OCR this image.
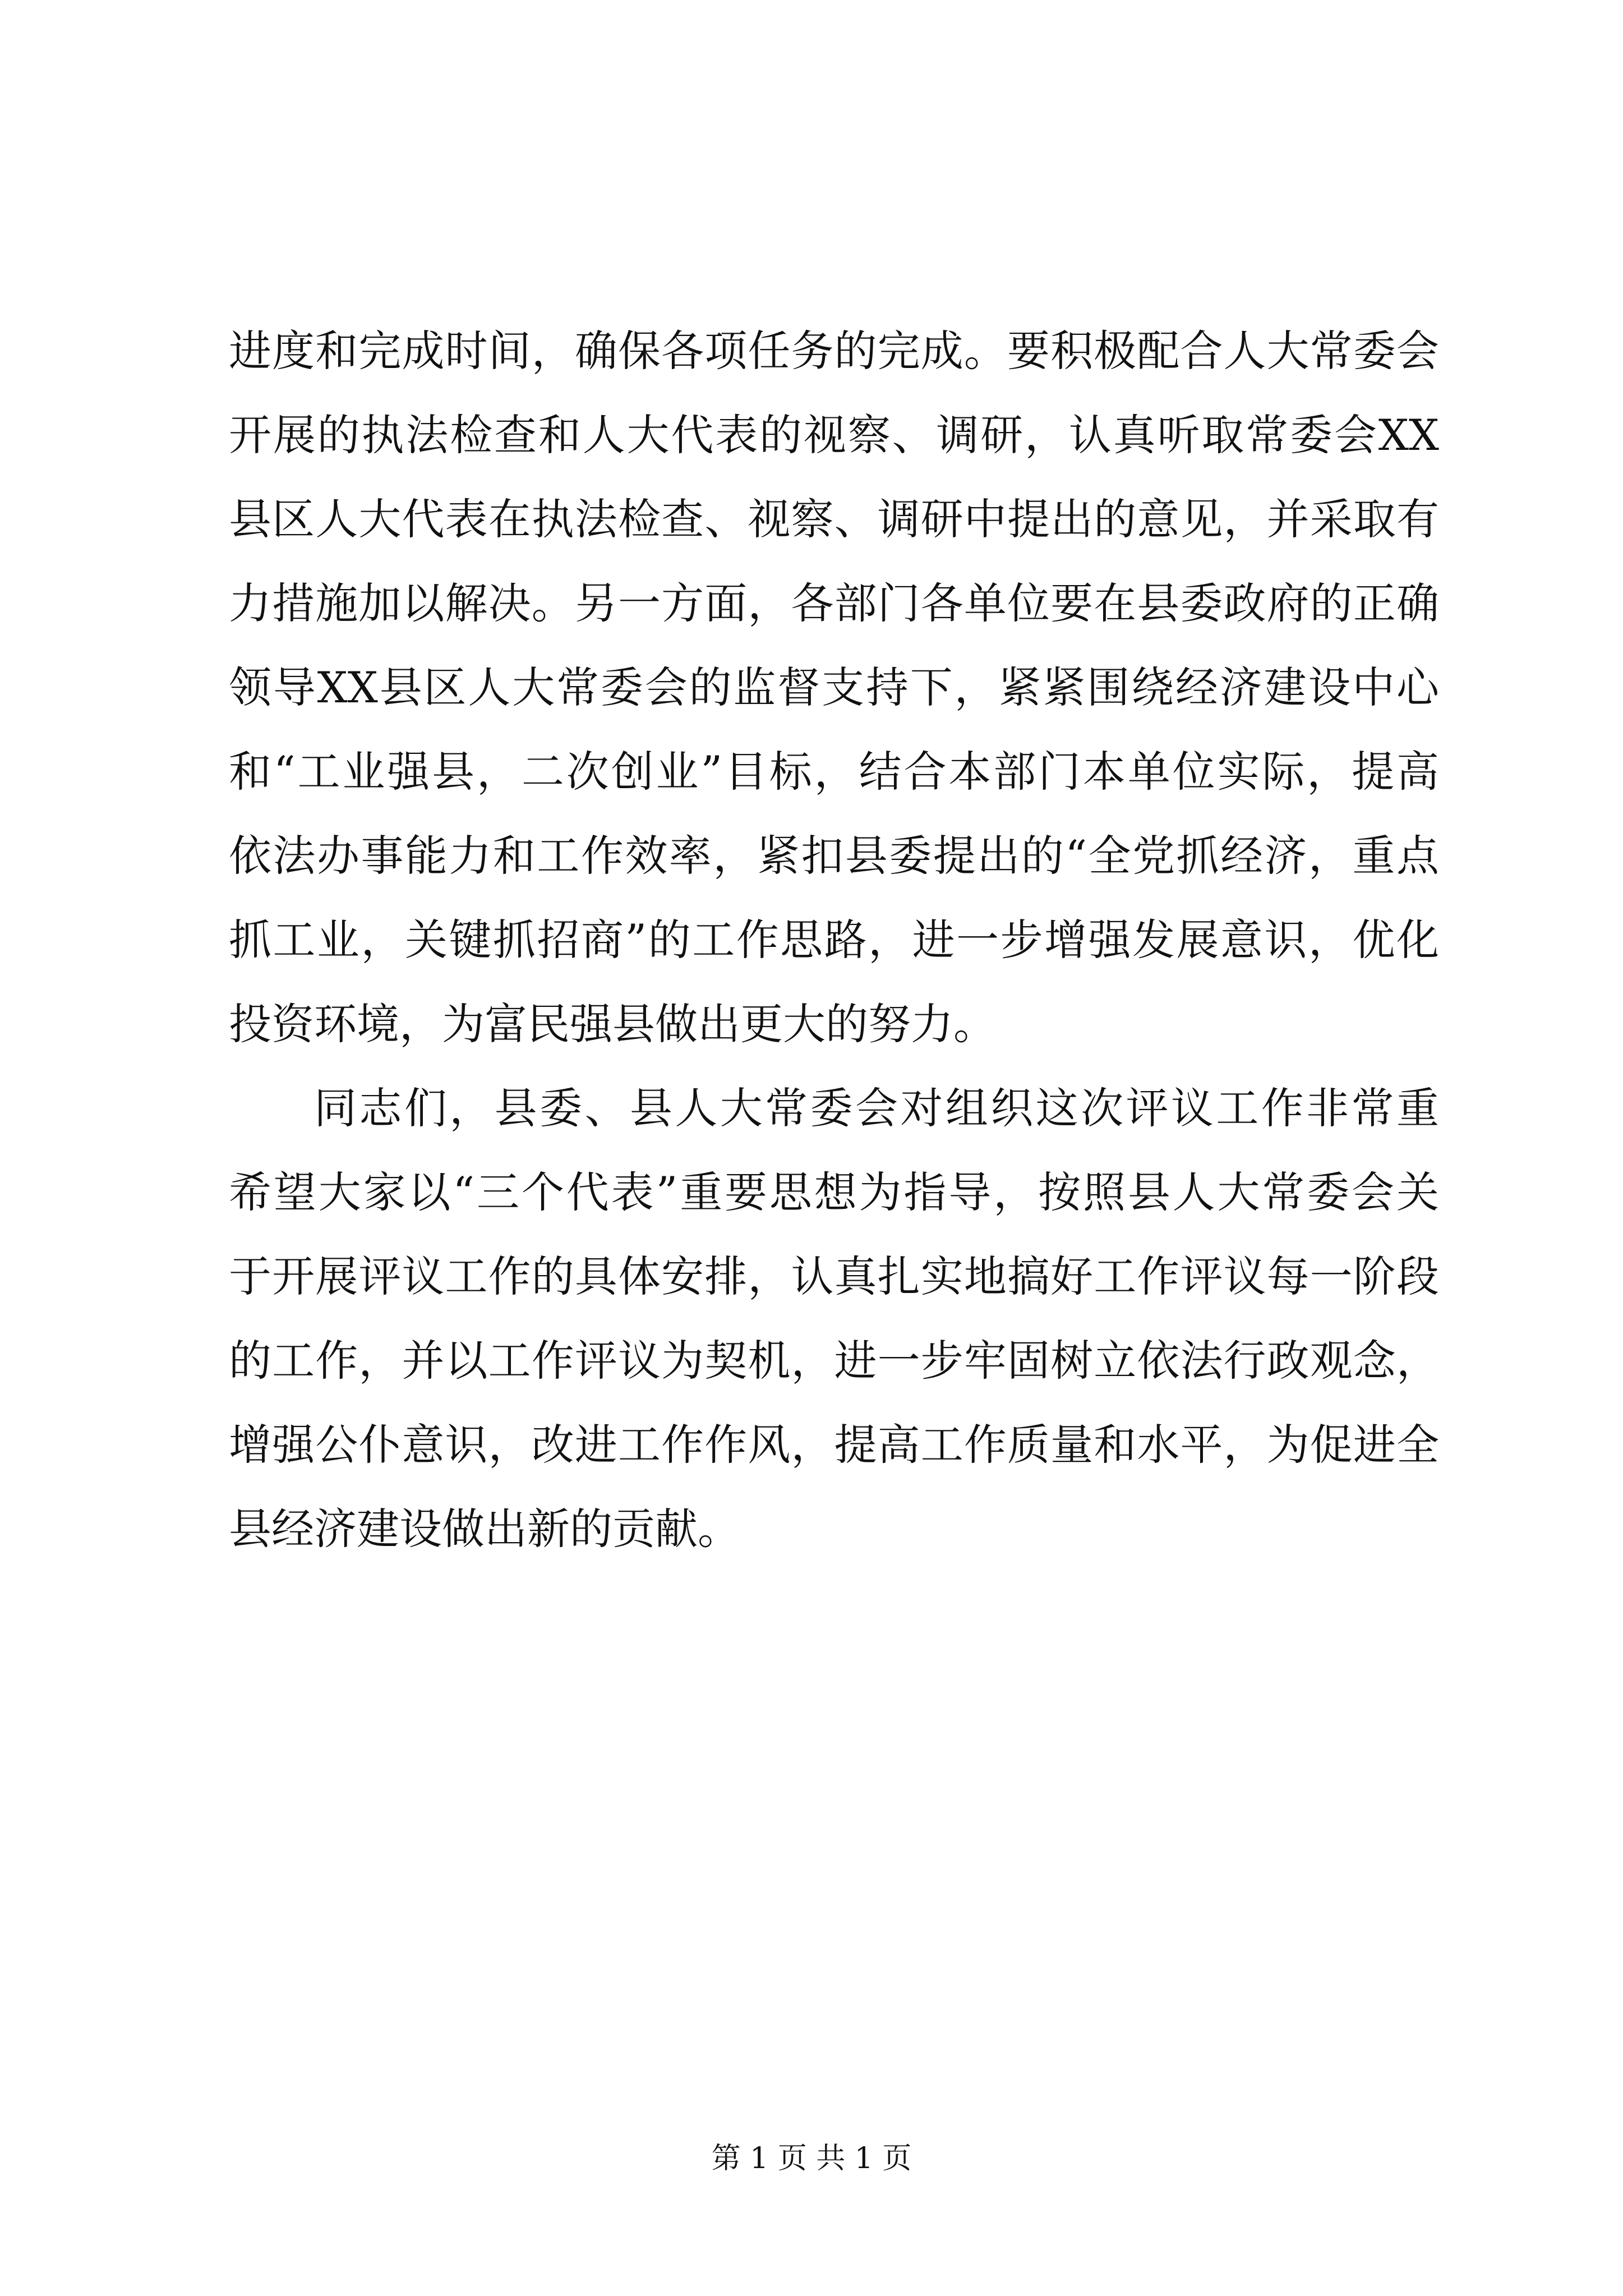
进度和完成时间，确保各项任务的完成。要积极配合人大常委会
开展的执法检查和人大代表的视察、调研，认真听取常委会XX
县区人大代表在执法检查、视察、调研中提出的意见，并采取有
力措施加以解决。另一方面，各部门各单位要在县委政府的正确
领导XX县区人大常委会的监督支持下，紧紧围绕经济建设中心
和“工业强县，二次创业”目标，结合本部门本单位实际，提高
依法办事能力和工作效率，紧扣县委提出的“全党抓经济，重点
抓工业，关键抓招商”的工作思路，进一步增强发展意识，优化
投资环境，为富民强县做出更大的努力。
同志们，县委、县人大常委会对组织这次评议工作非常重
希望大家以“三个代表”重要思想为指导，按照县人大常委会关
于开展评议工作的具体安排，认真扎实地搞好工作评议每一阶段
的工作，并以工作评议为契机，进一步牢固树立依法行政观念，
增强公仆意识，改进工作作风，提高工作质量和水平，为促进全
县经济建设做出新的贡献。
第 1 页 共 1 页
